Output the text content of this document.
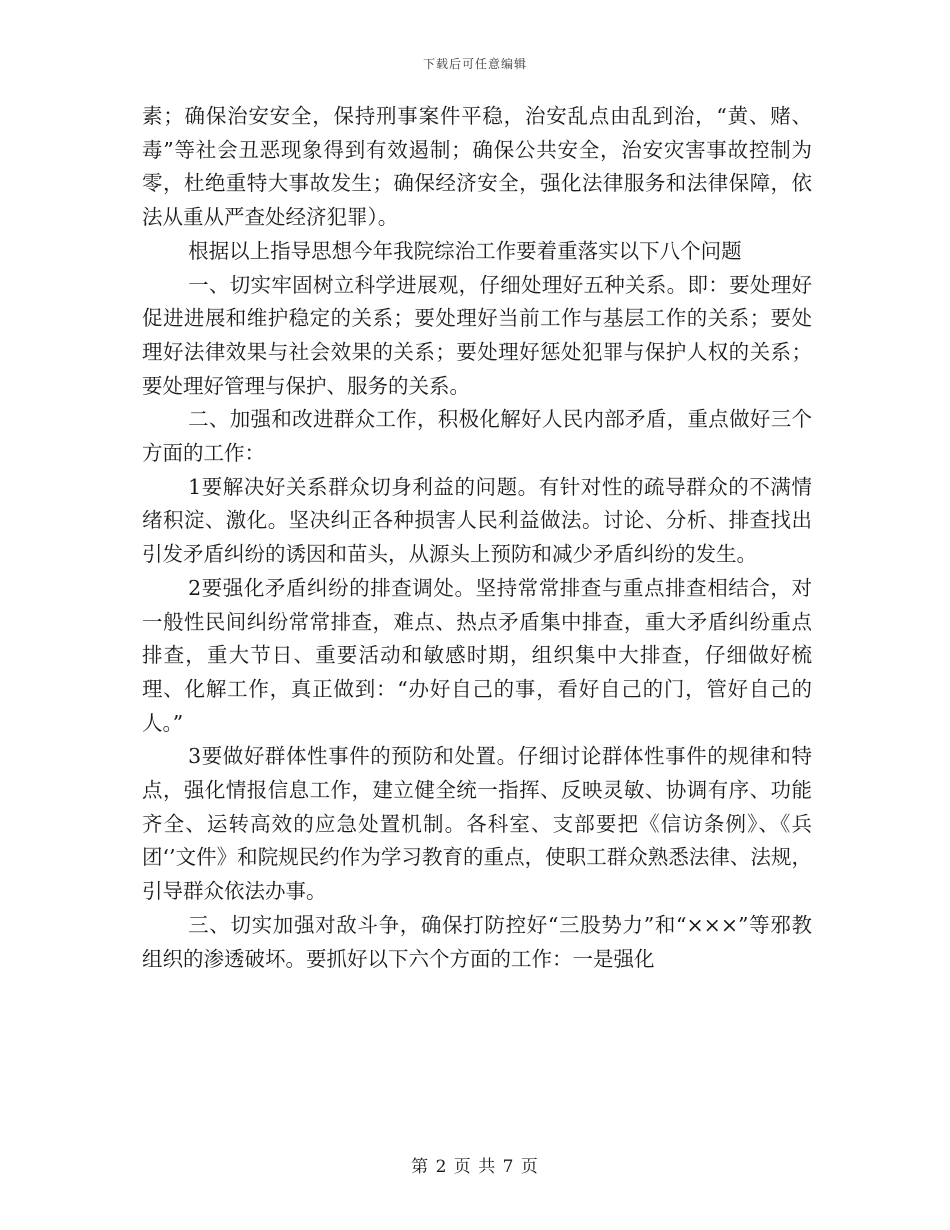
下载后可任意编辑

素；确保治安安全，保持刑事案件平稳，治安乱点由乱到治，“黄、赌、毒”等社会丑恶现象得到有效遏制；确保公共安全，治安灾害事故控制为零，杜绝重特大事故发生；确保经济安全，强化法律服务和法律保障，依法从重从严查处经济犯罪）。

根据以上指导思想今年我院综治工作要着重落实以下八个问题

一、切实牢固树立科学进展观，仔细处理好五种关系。即：要处理好促进进展和维护稳定的关系；要处理好当前工作与基层工作的关系；要处理好法律效果与社会效果的关系；要处理好惩处犯罪与保护人权的关系；要处理好管理与保护、服务的关系。

二、加强和改进群众工作，积极化解好人民内部矛盾，重点做好三个方面的工作：

1要解决好关系群众切身利益的问题。有针对性的疏导群众的不满情绪积淀、激化。坚决纠正各种损害人民利益做法。讨论、分析、排查找出引发矛盾纠纷的诱因和苗头，从源头上预防和减少矛盾纠纷的发生。

2要强化矛盾纠纷的排查调处。坚持常常排查与重点排查相结合，对一般性民间纠纷常常排查，难点、热点矛盾集中排查，重大矛盾纠纷重点排查，重大节日、重要活动和敏感时期，组织集中大排查，仔细做好梳理、化解工作，真正做到：“办好自己的事，看好自己的门，管好自己的人。”

3要做好群体性事件的预防和处置。仔细讨论群体性事件的规律和特点，强化情报信息工作，建立健全统一指挥、反映灵敏、协调有序、功能齐全、运转高效的应急处置机制。各科室、支部要把《信访条例》、《兵团‘’文件》和院规民约作为学习教育的重点，使职工群众熟悉法律、法规，引导群众依法办事。

三、切实加强对敌斗争，确保打防控好“三股势力”和“×××”等邪教组织的渗透破坏。要抓好以下六个方面的工作：一是强化

第 2 页 共 7 页
